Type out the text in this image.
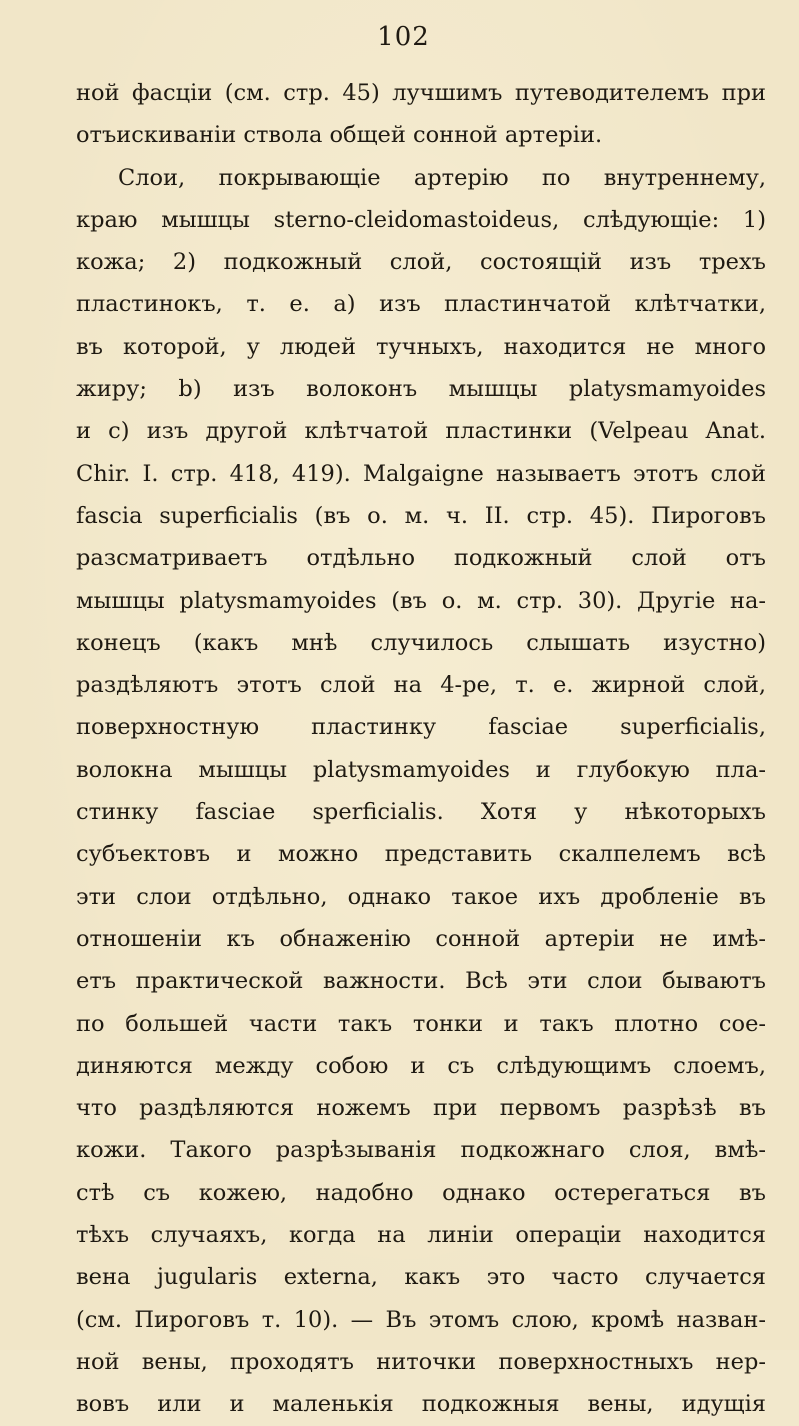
102
ной фасціи (см. стр. 45) лучшимъ путеводителемъ при
отъискиваніи ствола общей сонной артеріи.
Слои, покрывающіе артерію по внутреннему,
краю мышцы sterno-cleidomastoideus, слѣдующіе: 1)
кожа; 2) подкожный слой, состоящій изъ трехъ
пластинокъ, т. е. a) изъ пластинчатой клѣтчатки,
въ которой, у людей тучныхъ, находится не много
жиру; b) изъ волоконъ мышцы platysmamyoides
и c) изъ другой клѣтчатой пластинки (Velpeau Anat.
Chir. I. стр. 418, 419). Malgaigne называетъ этотъ слой
fascia superficialis (въ о. м. ч. II. стр. 45). Пироговъ
разсматриваетъ отдѣльно подкожный слой отъ
мышцы platysmamyoides (въ о. м. стр. 30). Другіе на-
конецъ (какъ мнѣ случилось слышать изустно)
раздѣляютъ этотъ слой на 4-ре, т. е. жирной слой,
поверхностную пластинку fasciae superficialis,
волокна мышцы platysmamyoides и глубокую пла-
стинку fasciae sperficialis. Хотя у нѣкоторыхъ
субъектовъ и можно представить скалпелемъ всѣ
эти слои отдѣльно, однако такое ихъ дробленіе въ
отношеніи къ обнаженію сонной артеріи не имѣ-
етъ практической важности. Всѣ эти слои бываютъ
по большей части такъ тонки и такъ плотно сое-
диняются между собою и съ слѣдующимъ слоемъ,
что раздѣляются ножемъ при первомъ разрѣзѣ въ
кожи. Такого разрѣзыванія подкожнаго слоя, вмѣ-
стѣ съ кожею, надобно однако остерегаться въ
тѣхъ случаяхъ, когда на линіи операціи находится
вена jugularis externa, какъ это часто случается
(см. Пироговъ т. 10). — Въ этомъ слою, кромѣ назван-
ной вены, проходятъ ниточки поверхностныхъ нер-
вовъ или и маленькія подкожныя вены, идущія
